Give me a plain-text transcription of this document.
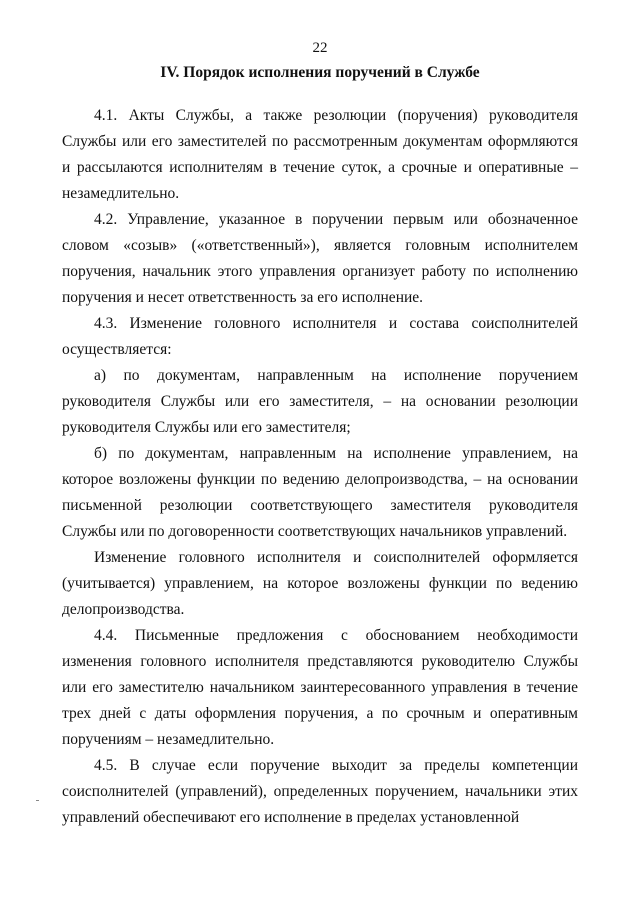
22
IV. Порядок исполнения поручений в Службе

4.1. Акты Службы, а также резолюции (поручения) руководителя Службы или его заместителей по рассмотренным документам оформляются и рассылаются исполнителям в течение суток, а срочные и оперативные – незамедлительно.

4.2. Управление, указанное в поручении первым или обозначенное словом «созыв» («ответственный»), является головным исполнителем поручения, начальник этого управления организует работу по исполнению поручения и несет ответственность за его исполнение.

4.3. Изменение головного исполнителя и состава соисполнителей осуществляется:

а) по документам, направленным на исполнение поручением руководителя Службы или его заместителя, – на основании резолюции руководителя Службы или его заместителя;

б) по документам, направленным на исполнение управлением, на которое возложены функции по ведению делопроизводства, – на основании письменной резолюции соответствующего заместителя руководителя Службы или по договоренности соответствующих начальников управлений.

Изменение головного исполнителя и соисполнителей оформляется (учитывается) управлением, на которое возложены функции по ведению делопроизводства.

4.4. Письменные предложения с обоснованием необходимости изменения головного исполнителя представляются руководителю Службы или его заместителю начальником заинтересованного управления в течение трех дней с даты оформления поручения, а по срочным и оперативным поручениям – незамедлительно.

4.5. В случае если поручение выходит за пределы компетенции соисполнителей (управлений), определенных поручением, начальники этих управлений обеспечивают его исполнение в пределах установленной
